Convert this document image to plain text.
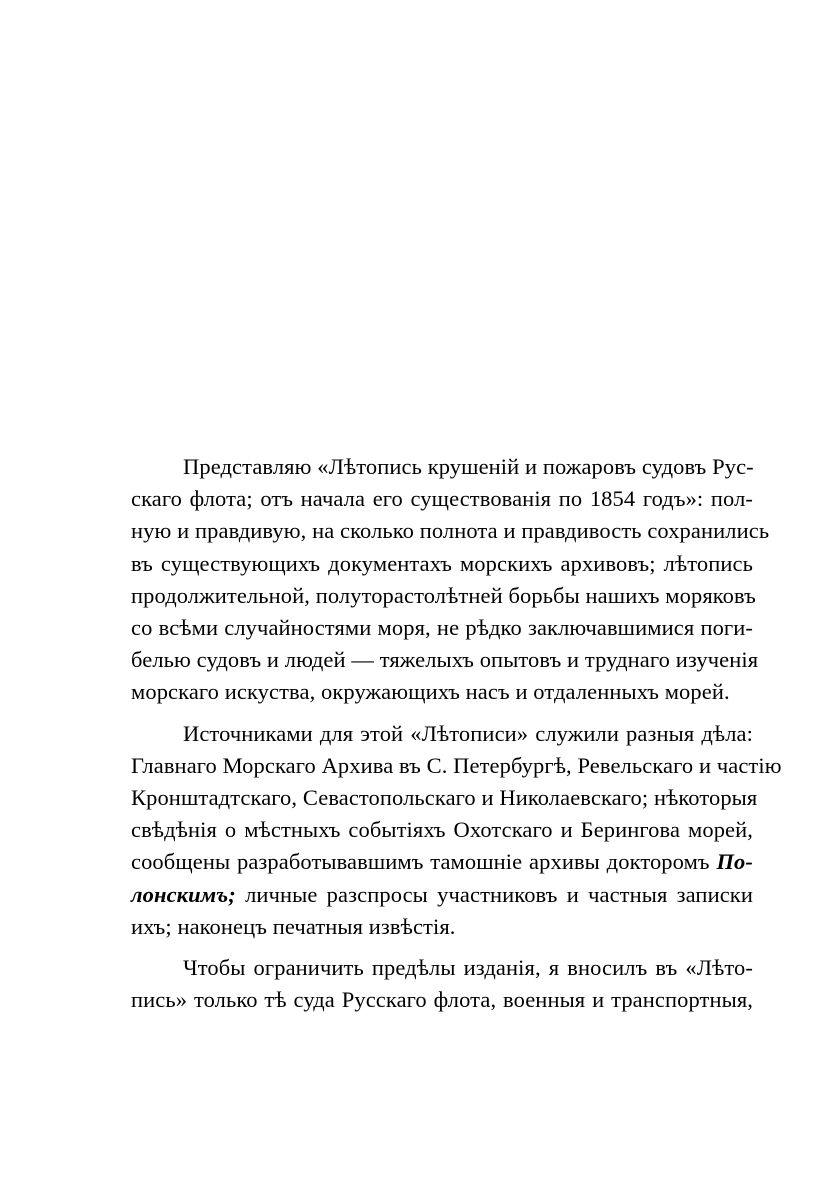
Представляю «Лѣтопись крушеній и пожаровъ судовъ Рус-
скаго флота; отъ начала его существованія по 1854 годъ»: пол-
ную и правдивую, на сколько полнота и правдивость сохранились
въ существующихъ документахъ морскихъ архивовъ; лѣтопись
продолжительной, полуторастолѣтней борьбы нашихъ моряковъ
со всѣми случайностями моря, не рѣдко заключавшимися поги-
белью судовъ и людей — тяжелыхъ опытовъ и труднаго изученія
морскаго искуства, окружающихъ насъ и отдаленныхъ морей.

Источниками для этой «Лѣтописи» служили разныя дѣла:
Главнаго Морскаго Архива въ С. Петербургѣ, Ревельскаго и частію
Кронштадтскаго, Севастопольскаго и Николаевскаго; нѣкоторыя
свѣдѣнія о мѣстныхъ событіяхъ Охотскаго и Берингова морей,
сообщены разработывавшимъ тамошніе архивы докторомъ По-
лонскимъ; личные разспросы участниковъ и частныя записки
ихъ; наконецъ печатныя извѣстія.

Чтобы ограничить предѣлы изданія, я вносилъ въ «Лѣто-
пись» только тѣ суда Русскаго флота, военныя и транспортныя,
